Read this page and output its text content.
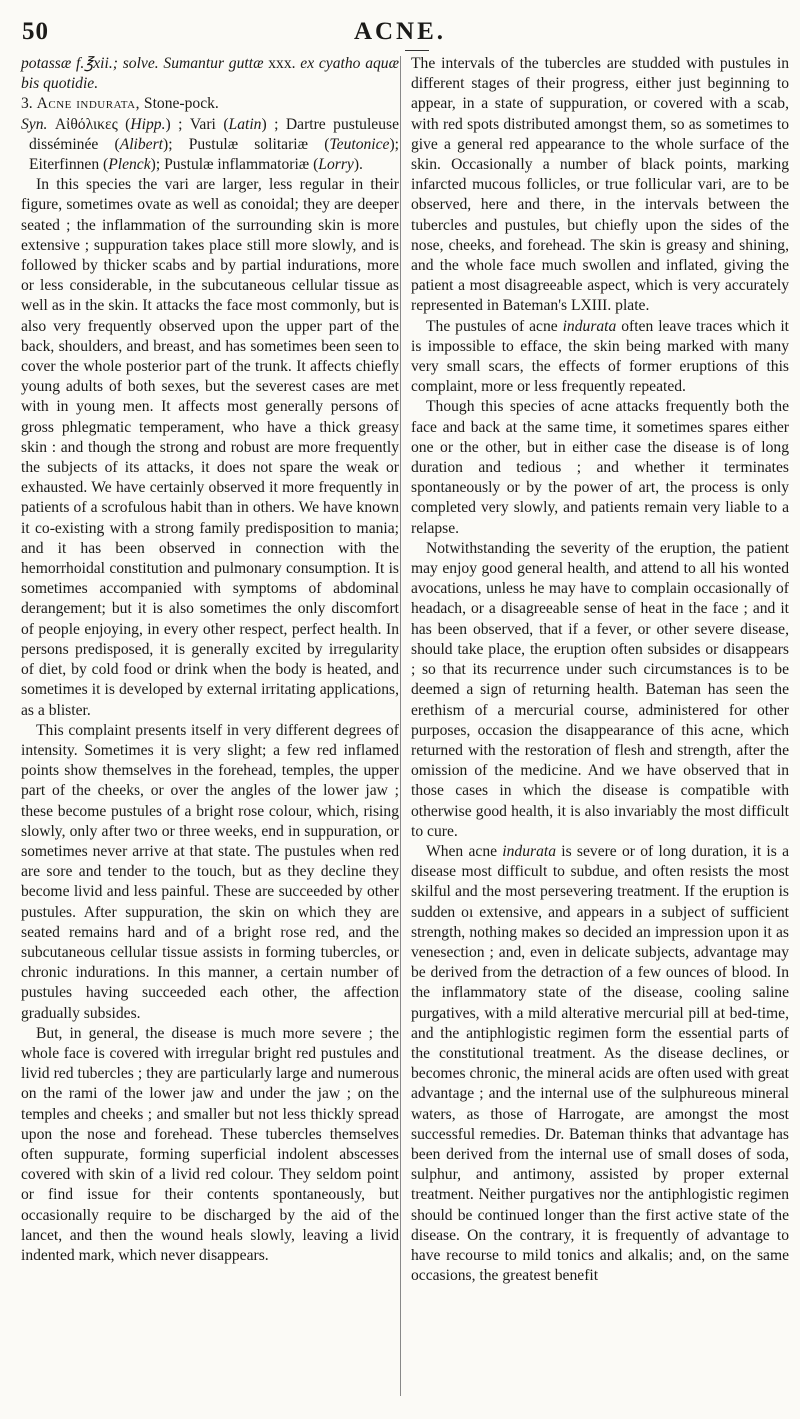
50	ACNE.

potassæ f.℥xii.; solve. Sumantur guttæ xxx. ex cyatho aquæ bis quotidie.

3. Acne indurata, Stone-pock.

Syn. Αἰθόλικες (Hipp.) ; Vari (Latin) ; Dartre pustuleuse disséminée (Alibert); Pustulæ solitariæ (Teutonice); Eiterfinnen (Plenck); Pustulæ inflammatoriæ (Lorry).

In this species the vari are larger, less regular in their figure, sometimes ovate as well as conoidal; they are deeper seated ; the inflammation of the surrounding skin is more extensive ; suppuration takes place still more slowly, and is followed by thicker scabs and by partial indurations, more or less considerable, in the subcutaneous cellular tissue as well as in the skin. It attacks the face most commonly, but is also very frequently observed upon the upper part of the back, shoulders, and breast, and has sometimes been seen to cover the whole posterior part of the trunk. It affects chiefly young adults of both sexes, but the severest cases are met with in young men. It affects most generally persons of gross phlegmatic temperament, who have a thick greasy skin : and though the strong and robust are more frequently the subjects of its attacks, it does not spare the weak or exhausted. We have certainly observed it more frequently in patients of a scrofulous habit than in others. We have known it co-existing with a strong family predisposition to mania; and it has been observed in connection with the hemorrhoidal constitution and pulmonary consumption. It is sometimes accompanied with symptoms of abdominal derangement; but it is also sometimes the only discomfort of people enjoying, in every other respect, perfect health. In persons predisposed, it is generally excited by irregularity of diet, by cold food or drink when the body is heated, and sometimes it is developed by external irritating applications, as a blister.

This complaint presents itself in very different degrees of intensity. Sometimes it is very slight; a few red inflamed points show themselves in the forehead, temples, the upper part of the cheeks, or over the angles of the lower jaw ; these become pustules of a bright rose colour, which, rising slowly, only after two or three weeks, end in suppuration, or sometimes never arrive at that state. The pustules when red are sore and tender to the touch, but as they decline they become livid and less painful. These are succeeded by other pustules. After suppuration, the skin on which they are seated remains hard and of a bright rose red, and the subcutaneous cellular tissue assists in forming tubercles, or chronic indurations. In this manner, a certain number of pustules having succeeded each other, the affection gradually subsides.

But, in general, the disease is much more severe ; the whole face is covered with irregular bright red pustules and livid red tubercles ; they are particularly large and numerous on the rami of the lower jaw and under the jaw ; on the temples and cheeks ; and smaller but not less thickly spread upon the nose and forehead. These tubercles themselves often suppurate, forming superficial indolent abscesses covered with skin of a livid red colour. They seldom point or find issue for their contents spontaneously, but occasionally require to be discharged by the aid of the lancet, and then the wound heals slowly, leaving a livid indented mark, which never disappears.

The intervals of the tubercles are studded with pustules in different stages of their progress, either just beginning to appear, in a state of suppuration, or covered with a scab, with red spots distributed amongst them, so as sometimes to give a general red appearance to the whole surface of the skin. Occasionally a number of black points, marking infarcted mucous follicles, or true follicular vari, are to be observed, here and there, in the intervals between the tubercles and pustules, but chiefly upon the sides of the nose, cheeks, and forehead. The skin is greasy and shining, and the whole face much swollen and inflated, giving the patient a most disagreeable aspect, which is very accurately represented in Bateman's LXIII. plate.

The pustules of acne indurata often leave traces which it is impossible to efface, the skin being marked with many very small scars, the effects of former eruptions of this complaint, more or less frequently repeated.

Though this species of acne attacks frequently both the face and back at the same time, it sometimes spares either one or the other, but in either case the disease is of long duration and tedious ; and whether it terminates spontaneously or by the power of art, the process is only completed very slowly, and patients remain very liable to a relapse.

Notwithstanding the severity of the eruption, the patient may enjoy good general health, and attend to all his wonted avocations, unless he may have to complain occasionally of headach, or a disagreeable sense of heat in the face ; and it has been observed, that if a fever, or other severe disease, should take place, the eruption often subsides or disappears ; so that its recurrence under such circumstances is to be deemed a sign of returning health. Bateman has seen the erethism of a mercurial course, administered for other purposes, occasion the disappearance of this acne, which returned with the restoration of flesh and strength, after the omission of the medicine. And we have observed that in those cases in which the disease is compatible with otherwise good health, it is also invariably the most difficult to cure.

When acne indurata is severe or of long duration, it is a disease most difficult to subdue, and often resists the most skilful and the most persevering treatment. If the eruption is sudden oı extensive, and appears in a subject of sufficient strength, nothing makes so decided an impression upon it as venesection ; and, even in delicate subjects, advantage may be derived from the detraction of a few ounces of blood. In the inflammatory state of the disease, cooling saline purgatives, with a mild alterative mercurial pill at bed-time, and the antiphlogistic regimen form the essential parts of the constitutional treatment. As the disease declines, or becomes chronic, the mineral acids are often used with great advantage ; and the internal use of the sulphureous mineral waters, as those of Harrogate, are amongst the most successful remedies. Dr. Bateman thinks that advantage has been derived from the internal use of small doses of soda, sulphur, and antimony, assisted by proper external treatment. Neither purgatives nor the antiphlogistic regimen should be continued longer than the first active state of the disease. On the contrary, it is frequently of advantage to have recourse to mild tonics and alkalis; and, on the same occasions, the greatest benefit
